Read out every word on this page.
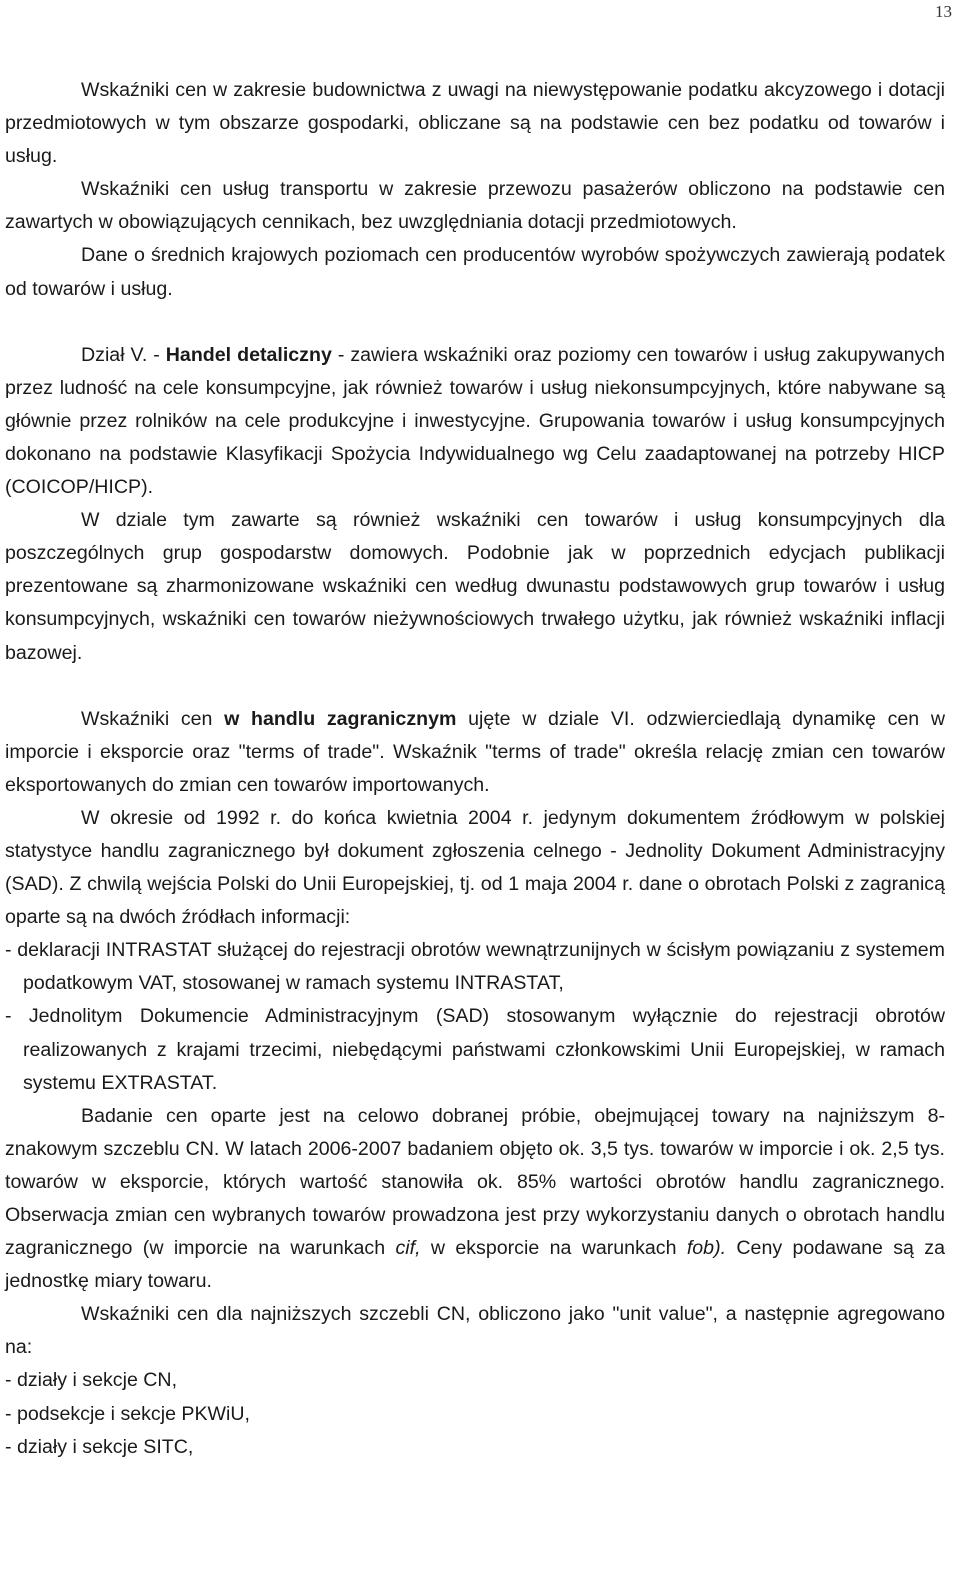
13

Wskaźniki cen w zakresie budownictwa z uwagi na niewystępowanie podatku akcyzowego i dotacji przedmiotowych w tym obszarze gospodarki, obliczane są na podstawie cen bez podatku od towarów i usług.

Wskaźniki cen usług transportu w zakresie przewozu pasażerów obliczono na podstawie cen zawartych w obowiązujących cennikach, bez uwzględniania dotacji przedmiotowych.

Dane o średnich krajowych poziomach cen producentów wyrobów spożywczych zawierają podatek od towarów i usług.

Dział V. - Handel detaliczny - zawiera wskaźniki oraz poziomy cen towarów i usług zakupywanych przez ludność na cele konsumpcyjne, jak również towarów i usług niekonsumpcyjnych, które nabywane są głównie przez rolników na cele produkcyjne i inwestycyjne. Grupowania towarów i usług konsumpcyjnych dokonano na podstawie Klasyfikacji Spożycia Indywidualnego wg Celu zaadaptowanej na potrzeby HICP (COICOP/HICP).

W dziale tym zawarte są również wskaźniki cen towarów i usług konsumpcyjnych dla poszczególnych grup gospodarstw domowych. Podobnie jak w poprzednich edycjach publikacji prezentowane są zharmonizowane wskaźniki cen według dwunastu podstawowych grup towarów i usług konsumpcyjnych, wskaźniki cen towarów nieżywnościowych trwałego użytku, jak również wskaźniki inflacji bazowej.

Wskaźniki cen w handlu zagranicznym ujęte w dziale VI. odzwierciedlają dynamikę cen w imporcie i eksporcie oraz "terms of trade". Wskaźnik "terms of trade" określa relację zmian cen towarów eksportowanych do zmian cen towarów importowanych.

W okresie od 1992 r. do końca kwietnia 2004 r. jedynym dokumentem źródłowym w polskiej statystyce handlu zagranicznego był dokument zgłoszenia celnego - Jednolity Dokument Administracyjny (SAD). Z chwilą wejścia Polski do Unii Europejskiej, tj. od 1 maja 2004 r. dane o obrotach Polski z zagranicą oparte są na dwóch źródłach informacji:

- deklaracji INTRASTAT służącej do rejestracji obrotów wewnątrzunijnych w ścisłym powiązaniu z systemem podatkowym VAT, stosowanej w ramach systemu INTRASTAT,

- Jednolitym Dokumencie Administracyjnym (SAD) stosowanym wyłącznie do rejestracji obrotów realizowanych z krajami trzecimi, niebędącymi państwami członkowskimi Unii Europejskiej, w ramach systemu EXTRASTAT.

Badanie cen oparte jest na celowo dobranej próbie, obejmującej towary na najniższym 8-znakowym szczeblu CN. W latach 2006-2007 badaniem objęto ok. 3,5 tys. towarów w imporcie i ok. 2,5 tys. towarów w eksporcie, których wartość stanowiła ok. 85% wartości obrotów handlu zagranicznego. Obserwacja zmian cen wybranych towarów prowadzona jest przy wykorzystaniu danych o obrotach handlu zagranicznego (w imporcie na warunkach cif, w eksporcie na warunkach fob). Ceny podawane są za jednostkę miary towaru.

Wskaźniki cen dla najniższych szczebli CN, obliczono jako "unit value", a następnie agregowano na:

- działy i sekcje CN,

- podsekcje i sekcje PKWiU,

- działy i sekcje SITC,
